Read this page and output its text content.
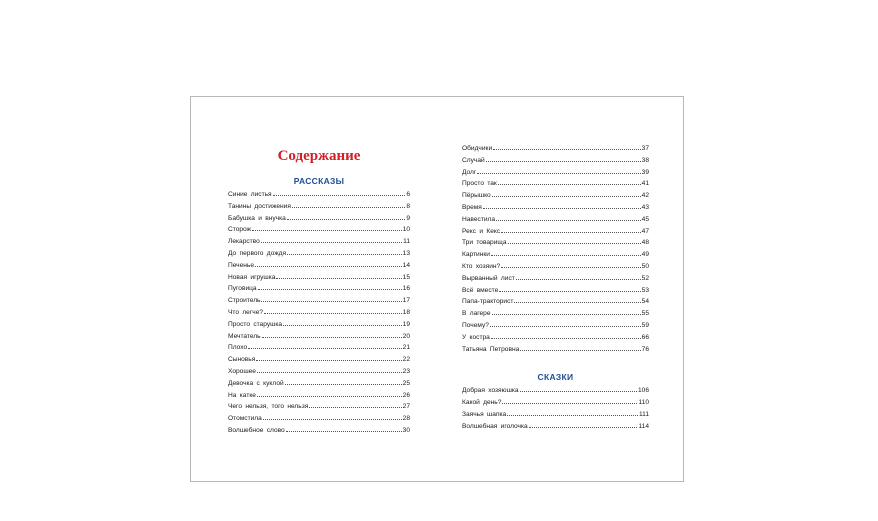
Содержание
РАССКАЗЫ
Синие листья	6
Танины достижения	8
Бабушка и внучка	9
Сторож	10
Лекарство	11
До первого дождя	13
Печенье	14
Новая игрушка	15
Пуговица	16
Строитель	17
Что легче?	18
Просто старушка	19
Мечтатель	20
Плохо	21
Сыновья	22
Хорошее	23
Девочка с куклой	25
На катке	26
Чего нельзя, того нельзя	27
Отомстила	28
Волшебное слово	30
Обидчики	37
Случай	38
Долг	39
Просто так	41
Пёрышко	42
Время	43
Навестила	45
Рекс и Кекс	47
Три товарища	48
Картинки	49
Кто хозяин?	50
Вырванный лист	52
Всё вместе	53
Папа-тракторист	54
В лагере	55
Почему?	59
У костра	66
Татьяна Петровна	76
СКАЗКИ
Добрая хозяюшка	106
Какой день?	110
Заячья шапка	111
Волшебная иголочка	114
